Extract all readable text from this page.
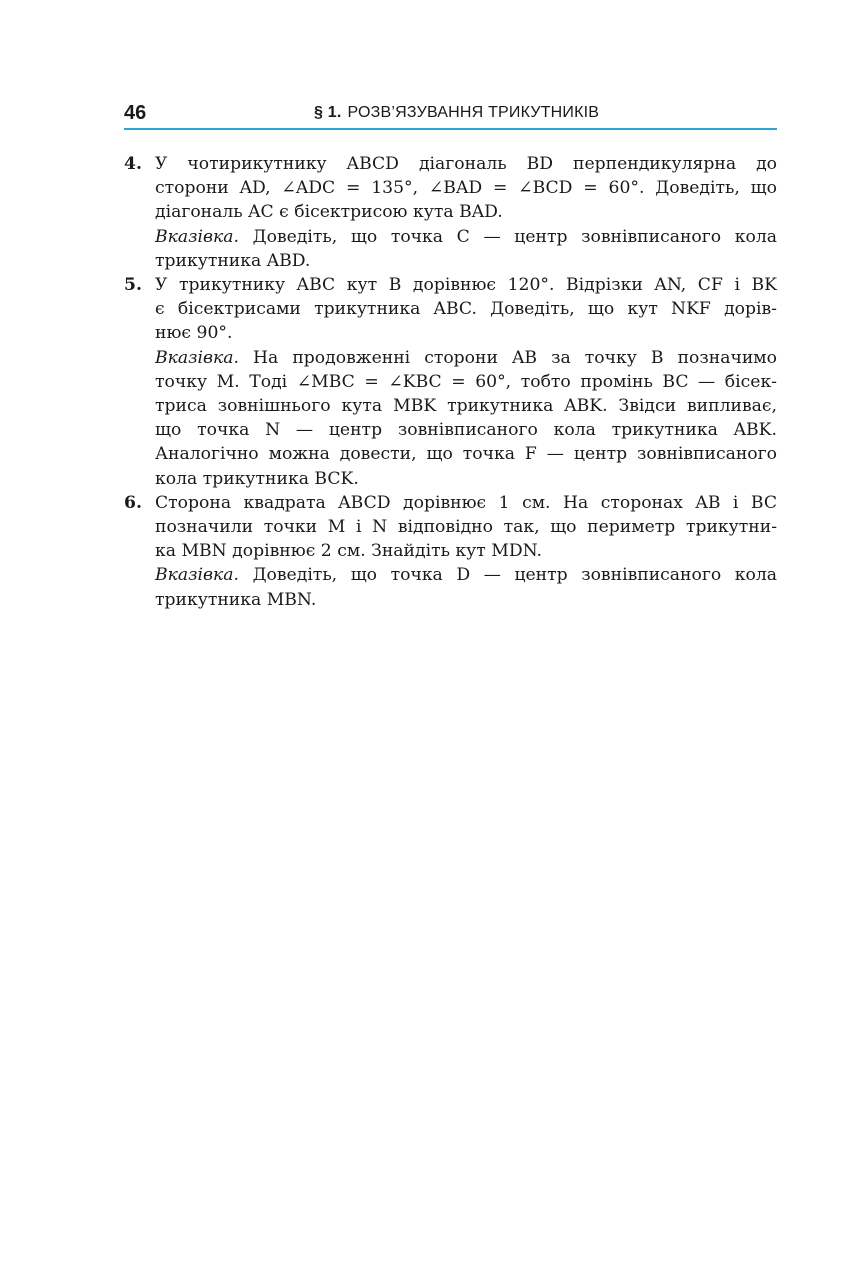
46	§ 1. РОЗВ’ЯЗУВАННЯ ТРИКУТНИКІВ
4. У чотирикутнику ABCD діагональ BD перпендикулярна до
сторони AD, ∠ADC = 135°, ∠BAD = ∠BCD = 60°. Доведіть, що
діагональ AC є бісектрисою кута BAD.
Вказівка. Доведіть, що точка C — центр зовнівписаного кола
трикутника ABD.
5. У трикутнику ABC кут B дорівнює 120°. Відрізки AN, CF і BK
є бісектрисами трикутника ABC. Доведіть, що кут NKF дорів-
нює 90°.
Вказівка. На продовженні сторони AB за точку B позначимо
точку M. Тоді ∠MBC = ∠KBC = 60°, тобто промінь BC — бісек-
триса зовнішнього кута MBK трикутника ABK. Звідси випливає,
що точка N — центр зовнівписаного кола трикутника ABK.
Аналогічно можна довести, що точка F — центр зовнівписаного
кола трикутника BCK.
6. Сторона квадрата ABCD дорівнює 1 см. На сторонах AB і BC
позначили точки M і N відповідно так, що периметр трикутни-
ка MBN дорівнює 2 см. Знайдіть кут MDN.
Вказівка. Доведіть, що точка D — центр зовнівписаного кола
трикутника MBN.
